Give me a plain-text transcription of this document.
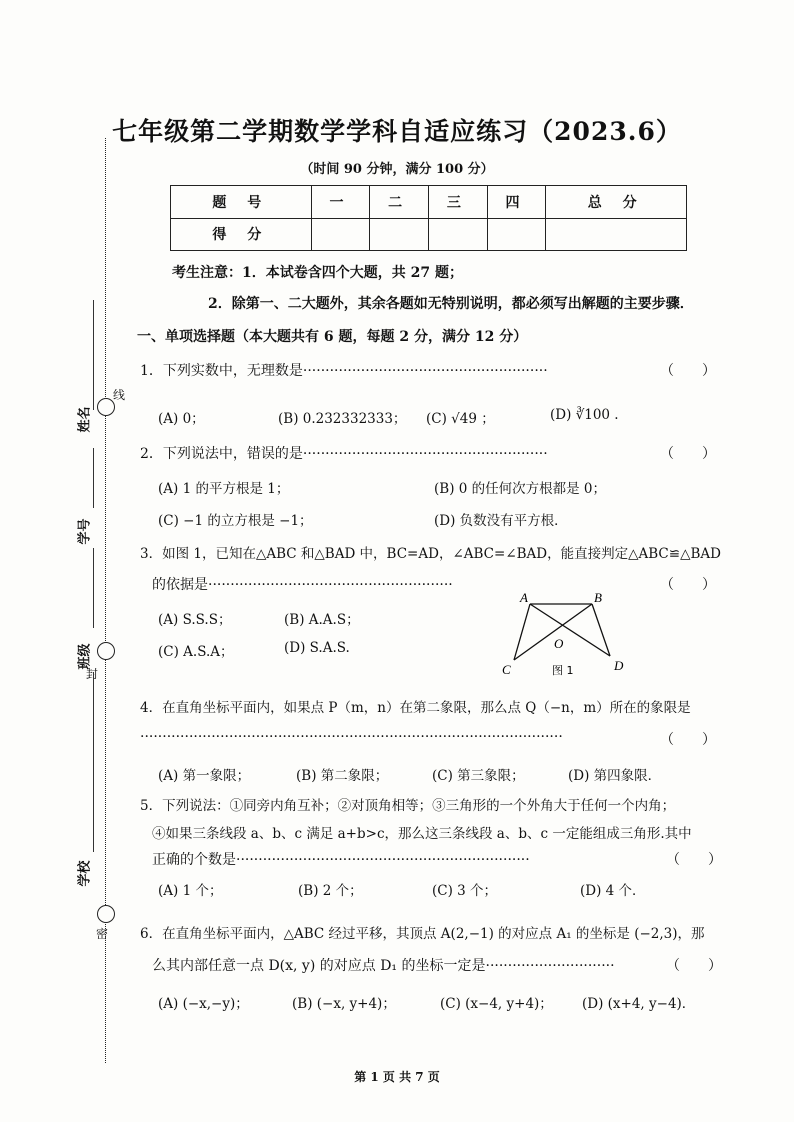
线
封
密
姓名
学号
班级
学校
七年级第二学期数学学科自适应练习（2023.6）
（时间 90 分钟，满分 100 分）
题 号	一	二	三	四	总 分
得 分					
考生注意：1．本试卷含四个大题，共 27 题；
2．除第一、二大题外，其余各题如无特别说明，都必须写出解题的主要步骤．
一、单项选择题（本大题共有 6 题，每题 2 分，满分 12 分）
1．下列实数中，无理数是·······················································	（　　）
(A) 0；	(B) 0.232332333； (C) √49 ；	(D) ∛100 .
2．下列说法中，错误的是·······················································	（　　）
(A) 1 的平方根是 1；	(B) 0 的任何次方根都是 0；
(C) −1 的立方根是 −1；	(D) 负数没有平方根．
3．如图 1，已知在△ABC 和△BAD 中，BC=AD，∠ABC=∠BAD，能直接判定△ABC≌△BAD
的依据是·······················································	（　　）
(A) S.S.S；	(B) A.A.S；
(C) A.S.A；	(D) S.A.S.
A	B
C	D
O
图 1
4．在直角坐标平面内，如果点 P（m，n）在第二象限，那么点 Q（−n，m）所在的象限是
·······························································································	（　　）
(A) 第一象限；	(B) 第二象限；	(C) 第三象限；	(D) 第四象限．
5．下列说法：①同旁内角互补；②对顶角相等；③三角形的一个外角大于任何一个内角；
④如果三条线段 a、b、c 满足 a+b>c，那么这三条线段 a、b、c 一定能组成三角形.其中
正确的个数是··································································	（　　）
(A) 1 个；	(B) 2 个；	(C) 3 个；	(D) 4 个．
6．在直角坐标平面内，△ABC 经过平移，其顶点 A(2,−1) 的对应点 A₁ 的坐标是 (−2,3)，那
么其内部任意一点 D(x, y) 的对应点 D₁ 的坐标一定是·····························	（　　）
(A) (−x,−y)；	(B) (−x, y+4)；	(C) (x−4, y+4)； (D) (x+4, y−4)．
第 1 页 共 7 页
